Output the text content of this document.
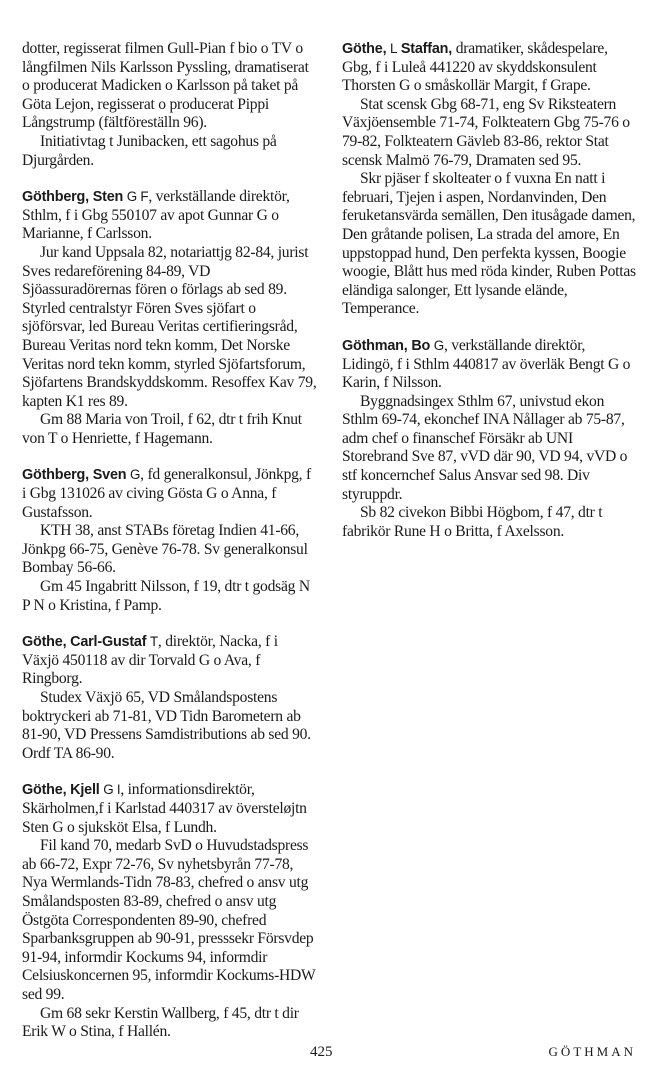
dotter, regisserat filmen Gull-Pian f bio o TV o långfilmen Nils Karlsson Pyssling, dramatiserat o producerat Madicken o Karlsson på taket på Göta Lejon, regisserat o producerat Pippi Långstrump (fältföreställn 96).

Initiativtag t Junibacken, ett sagohus på Djurgården.

Göthberg, Sten G F, verkställande direktör, Sthlm, f i Gbg 550107 av apot Gunnar G o Marianne, f Carlsson.

Jur kand Uppsala 82, notariattjg 82-84, jurist Sves redareförening 84-89, VD Sjöassuradörernas fören o förlags ab sed 89. Styrled centralstyr Fören Sves sjöfart o sjöförsvar, led Bureau Veritas certifieringsråd, Bureau Veritas nord tekn komm, Det Norske Veritas nord tekn komm, styrled Sjöfartsforum, Sjöfartens Brandskyddskomm. Resoffex Kav 79, kapten K1 res 89.

Gm 88 Maria von Troil, f 62, dtr t frih Knut von T o Henriette, f Hagemann.

Göthberg, Sven G, fd generalkonsul, Jönkpg, f i Gbg 131026 av civing Gösta G o Anna, f Gustafsson.

KTH 38, anst STABs företag Indien 41-66, Jönkpg 66-75, Genève 76-78. Sv generalkonsul Bombay 56-66.

Gm 45 Ingabritt Nilsson, f 19, dtr t godsäg N P N o Kristina, f Pamp.

Göthe, Carl-Gustaf T, direktör, Nacka, f i Växjö 450118 av dir Torvald G o Ava, f Ringborg.

Studex Växjö 65, VD Smålandspostens boktryckeri ab 71-81, VD Tidn Barometern ab 81-90, VD Pressens Samdistributions ab sed 90. Ordf TA 86-90.

Göthe, Kjell G I, informationsdirektör, Skärholmen,f i Karlstad 440317 av översteløjtn Sten G o sjuksköt Elsa, f Lundh.

Fil kand 70, medarb SvD o Huvudstadspress ab 66-72, Expr 72-76, Sv nyhetsbyrån 77-78, Nya Wermlands-Tidn 78-83, chefred o ansv utg Smålandsposten 83-89, chefred o ansv utg Östgöta Correspondenten 89-90, chefred Sparbanksgruppen ab 90-91, presssekr Försvdep 91-94, informdir Kockums 94, informdir Celsiuskoncernen 95, informdir Kockums-HDW sed 99.

Gm 68 sekr Kerstin Wallberg, f 45, dtr t dir Erik W o Stina, f Hallén.

Göthe, L Staffan, dramatiker, skådespelare, Gbg, f i Luleå 441220 av skyddskonsulent Thorsten G o småskollär Margit, f Grape.

Stat scensk Gbg 68-71, eng Sv Riksteatern Växjöensemble 71-74, Folkteatern Gbg 75-76 o 79-82, Folkteatern Gävleb 83-86, rektor Stat scensk Malmö 76-79, Dramaten sed 95.

Skr pjäser f skolteater o f vuxna En natt i februari, Tjejen i aspen, Nordanvinden, Den feruketansvärda semällen, Den itusågade damen, Den gråtande polisen, La strada del amore, En uppstoppad hund, Den perfekta kyssen, Boogie woogie, Blått hus med röda kinder, Ruben Pottas eländiga salonger, Ett lysande elände, Temperance.

Göthman, Bo G, verkställande direktör, Lidingö, f i Sthlm 440817 av överläk Bengt G o Karin, f Nilsson.

Byggnadsingex Sthlm 67, univstud ekon Sthlm 69-74, ekonchef INA Nållager ab 75-87, adm chef o finanschef Försäkr ab UNI Storebrand Sve 87, vVD där 90, VD 94, vVD o stf koncernchef Salus Ansvar sed 98. Div styruppdr.

Sb 82 civekon Bibbi Högbom, f 47, dtr t fabrikör Rune H o Britta, f Axelsson.

425	GÖTHMAN
